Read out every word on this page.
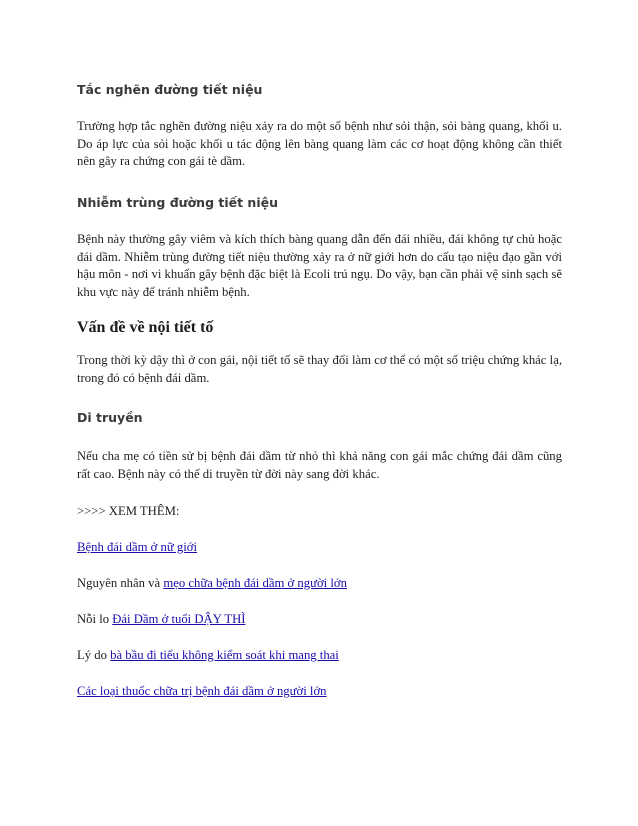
Tắc nghẽn đường tiết niệu

Trường hợp tắc nghẽn đường niệu xảy ra do một số bệnh như sỏi thận, sỏi bàng quang, khối u. Do áp lực của sỏi hoặc khối u tác động lên bàng quang làm các cơ hoạt động không cần thiết nên gây ra chứng con gái tè dầm.

Nhiễm trùng đường tiết niệu

Bệnh này thường gây viêm và kích thích bàng quang dẫn đến đái nhiều, đái không tự chủ hoặc đái dầm. Nhiễm trùng đường tiết niệu thường xảy ra ở nữ giới hơn do cấu tạo niệu đạo gần với hậu môn - nơi vi khuẩn gây bệnh đặc biệt là Ecoli trú ngụ. Do vậy, bạn cần phải vệ sinh sạch sẽ khu vực này để tránh nhiễm bệnh.

Vấn đề về nội tiết tố

Trong thời kỳ dậy thì ở con gái, nội tiết tố sẽ thay đổi làm cơ thể có một số triệu chứng khác lạ, trong đó có bệnh đái dầm.

Di truyền

Nếu cha mẹ có tiền sử bị bệnh đái dầm từ nhỏ thì khả năng con gái mắc chứng đái dầm cũng rất cao. Bệnh này có thể di truyền từ đời này sang đời khác.

>>>> XEM THÊM:

Bệnh đái dầm ở nữ giới

Nguyên nhân và mẹo chữa bệnh đái dầm ở người lớn

Nỗi lo Đái Dầm ở tuổi DẬY THÌ

Lý do bà bầu đi tiểu không kiểm soát khi mang thai

Các loại thuốc chữa trị bệnh đái dầm ở người lớn
